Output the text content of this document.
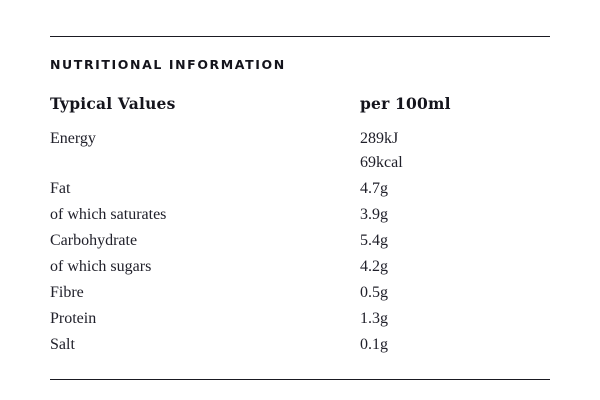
NUTRITIONAL INFORMATION
Typical Values	per 100ml
Energy	289kJ
	69kcal
Fat	4.7g
of which saturates	3.9g
Carbohydrate	5.4g
of which sugars	4.2g
Fibre	0.5g
Protein	1.3g
Salt	0.1g
